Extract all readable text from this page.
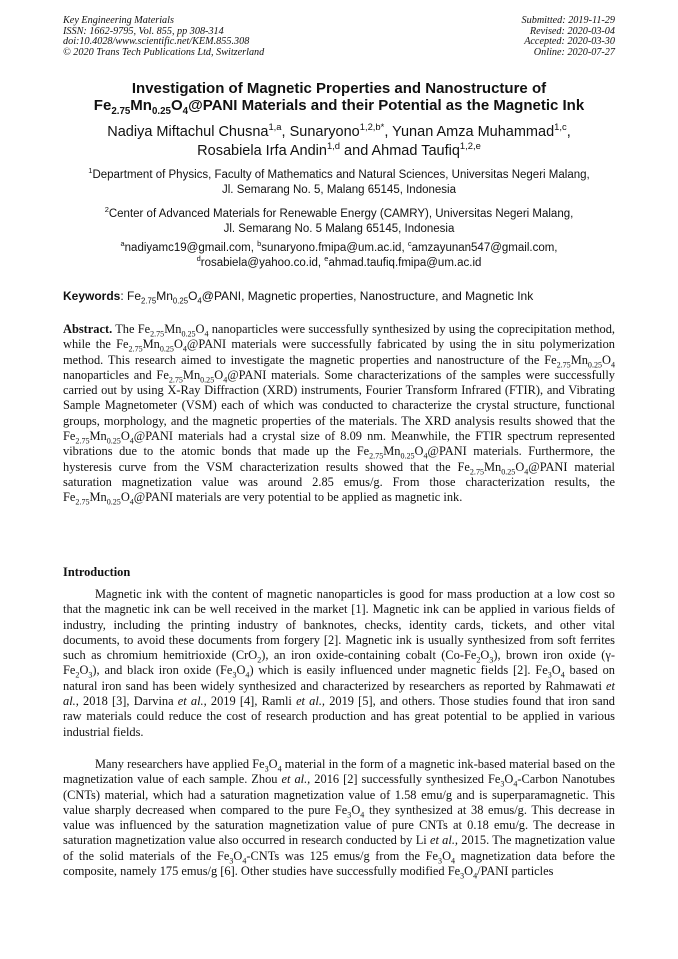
Key Engineering Materials
ISSN: 1662-9795, Vol. 855, pp 308-314
doi:10.4028/www.scientific.net/KEM.855.308
© 2020 Trans Tech Publications Ltd, Switzerland
Submitted: 2019-11-29
Revised: 2020-03-04
Accepted: 2020-03-30
Online: 2020-07-27
Investigation of Magnetic Properties and Nanostructure of
$Fe_{2.75}Mn_{0.25}O_4@PANI$ Materials and their Potential as the Magnetic Ink
Nadiya Miftachul Chusna$^{1,a}$, Sunaryono$^{1,2,b*}$, Yunan Amza Muhammad$^{1,c}$,
Rosabiela Irfa Andin$^{1,d}$ and Ahmad Taufiq$^{1,2,e}$
$^1$Department of Physics, Faculty of Mathematics and Natural Sciences, Universitas Negeri Malang,
Jl. Semarang No. 5, Malang 65145, Indonesia
$^2$Center of Advanced Materials for Renewable Energy (CAMRY), Universitas Negeri Malang,
Jl. Semarang No. 5 Malang 65145, Indonesia
$^a$nadiyamc19@gmail.com, $^b$sunaryono.fmipa@um.ac.id, $^c$amzayunan547@gmail.com,
$^d$rosabiela@yahoo.co.id, $^e$ahmad.taufiq.fmipa@um.ac.id
Keywords: $Fe_{2.75}Mn_{0.25}O_4@PANI$, Magnetic properties, Nanostructure, and Magnetic Ink
Abstract. The $Fe_{2.75}Mn_{0.25}O_4$ nanoparticles were successfully synthesized by using the coprecipitation method, while the $Fe_{2.75}Mn_{0.25}O_4@PANI$ materials were successfully fabricated by using the in situ polymerization method. This research aimed to investigate the magnetic properties and nanostructure of the $Fe_{2.75}Mn_{0.25}O_4$ nanoparticles and $Fe_{2.75}Mn_{0.25}O_4@PANI$ materials. Some characterizations of the samples were successfully carried out by using X-Ray Diffraction (XRD) instruments, Fourier Transform Infrared (FTIR), and Vibrating Sample Magnetometer (VSM) each of which was conducted to characterize the crystal structure, functional groups, morphology, and the magnetic properties of the materials. The XRD analysis results showed that the $Fe_{2.75}Mn_{0.25}O_4@PANI$ materials had a crystal size of 8.09 nm. Meanwhile, the FTIR spectrum represented vibrations due to the atomic bonds that made up the $Fe_{2.75}Mn_{0.25}O_4@PANI$ materials. Furthermore, the hysteresis curve from the VSM characterization results showed that the $Fe_{2.75}Mn_{0.25}O_4@PANI$ material saturation magnetization value was around 2.85 emus/g. From those characterization results, the $Fe_{2.75}Mn_{0.25}O_4@PANI$ materials are very potential to be applied as magnetic ink.
Introduction
Magnetic ink with the content of magnetic nanoparticles is good for mass production at a low cost so that the magnetic ink can be well received in the market [1]. Magnetic ink can be applied in various fields of industry, including the printing industry of banknotes, checks, identity cards, tickets, and other vital documents, to avoid these documents from forgery [2]. Magnetic ink is usually synthesized from soft ferrites such as chromium hemitrioxide (CrO$_2$), an iron oxide-containing cobalt $(Co-Fe_2O_3)$, brown iron oxide $(\gamma-Fe_2O_3)$, and black iron oxide $(Fe_3O_4)$ which is easily influenced under magnetic fields [2]. $Fe_3O_4$ based on natural iron sand has been widely synthesized and characterized by researchers as reported by Rahmawati et al., 2018 [3], Darvina et al., 2019 [4], Ramli et al., 2019 [5], and others. Those studies found that iron sand raw materials could reduce the cost of research production and has great potential to be applied in various industrial fields.
Many researchers have applied $Fe_3O_4$ material in the form of a magnetic ink-based material based on the magnetization value of each sample. Zhou et al., 2016 [2] successfully synthesized $Fe_3O_4$-Carbon Nanotubes (CNTs) material, which had a saturation magnetization value of 1.58 emu/g and is superparamagnetic. This value sharply decreased when compared to the pure $Fe_3O_4$ they synthesized at 38 emus/g. This decrease in value was influenced by the saturation magnetization value of pure CNTs at 0.18 emu/g. The decrease in saturation magnetization value also occurred in research conducted by Li et al., 2015. The magnetization value of the solid materials of the $Fe_3O_4$-CNTs was 125 emus/g from the $Fe_3O_4$ magnetization data before the composite, namely 175 emus/g [6]. Other studies have successfully modified $Fe_3O_4$/PANI particles
